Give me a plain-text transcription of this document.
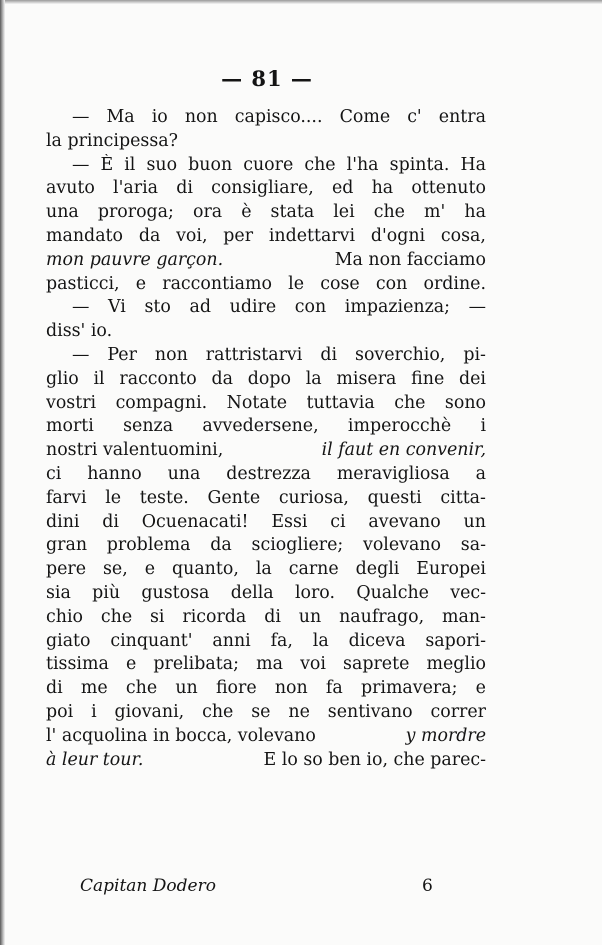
— 81 —
— Ma io non capisco.... Come c' entra
la principessa?
— È il suo buon cuore che l'ha spinta. Ha
avuto l'aria di consigliare, ed ha ottenuto
una proroga; ora è stata lei che m' ha
mandato da voi, per indettarvi d'ogni cosa,
mon pauvre garçon.	Ma non facciamo
pasticci, e raccontiamo le cose con ordine.
— Vi sto ad udire con impazienza; —
diss' io.
— Per non rattristarvi di soverchio, pi-
glio il racconto da dopo la misera fine dei
vostri compagni. Notate tuttavia che sono
morti senza avvedersene, imperocchè i
nostri valentuomini,	il faut en convenir,
ci hanno una destrezza meravigliosa a
farvi le teste. Gente curiosa, questi citta-
dini di Ocuenacati! Essi ci avevano un
gran problema da sciogliere; volevano sa-
pere se, e quanto, la carne degli Europei
sia più gustosa della loro. Qualche vec-
chio che si ricorda di un naufrago, man-
giato cinquant' anni fa, la diceva sapori-
tissima e prelibata; ma voi saprete meglio
di me che un fiore non fa primavera; e
poi i giovani, che se ne sentivano correr
l' acquolina in bocca, volevano	y mordre
à leur tour.	E lo so ben io, che parec-
Capitan Dodero	6
